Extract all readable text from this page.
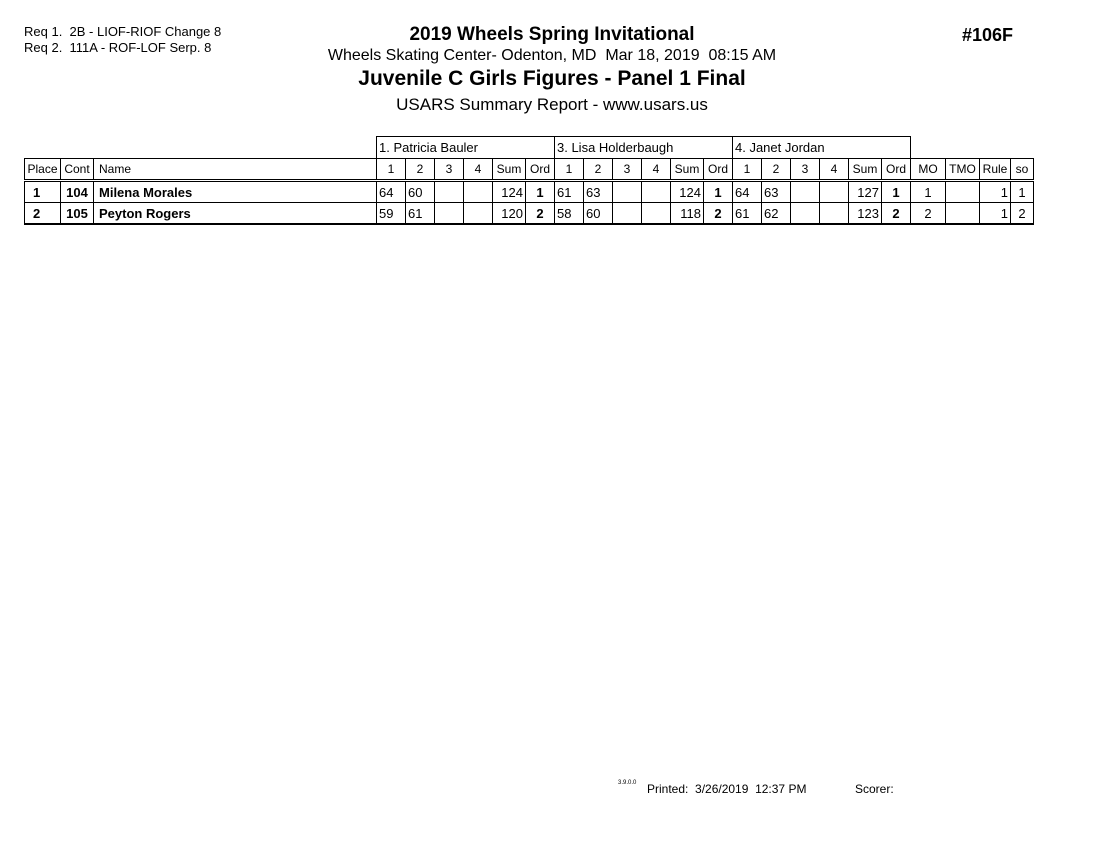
Req 1.  2B - LIOF-RIOF Change 8
Req 2.  111A - ROF-LOF Serp. 8
2019 Wheels Spring Invitational
Wheels Skating Center- Odenton, MD  Mar 18, 2019  08:15 AM
Juvenile C Girls Figures - Panel 1 Final
USARS Summary Report - www.usars.us
#106F
			1. Patricia Bauler						3. Lisa Holderbaugh						4. Janet Jordan									
Place	Cont	Name	1	2	3	4	Sum	Ord	1	2	3	4	Sum	Ord	1	2	3	4	Sum	Ord	MO	TMO	Rule	so
1	104	Milena Morales	64	60			124	1	61	63			124	1	64	63			127	1	1		1	1
2	105	Peyton Rogers	59	61			120	2	58	60			118	2	61	62			123	2	2		1	2
3.9.0.0 Printed:  3/26/2019  12:37 PM	Scorer:
